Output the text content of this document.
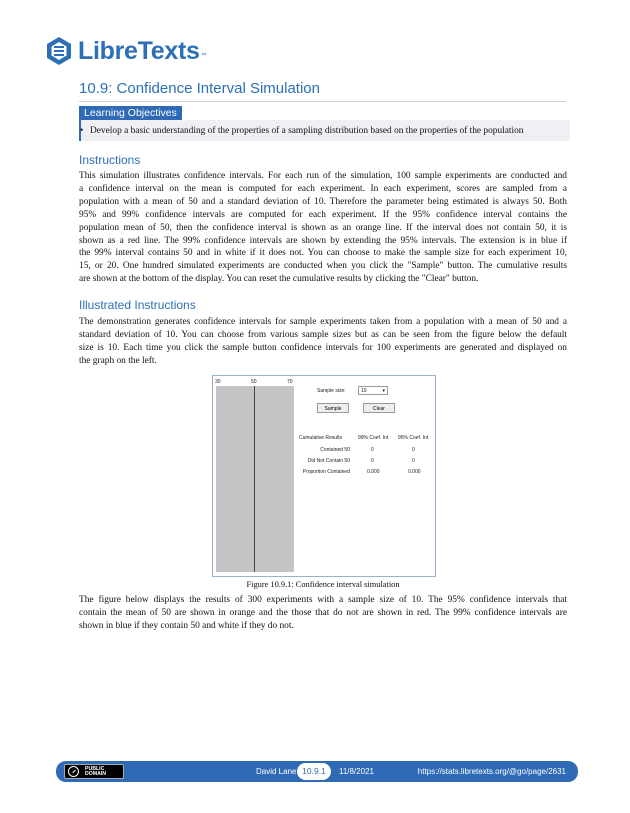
LibreTexts ™
10.9: Confidence Interval Simulation
Learning Objectives
• Develop a basic understanding of the properties of a sampling distribution based on the properties of the population
Instructions
This simulation illustrates confidence intervals. For each run of the simulation, 100 sample experiments are conducted and
a confidence interval on the mean is computed for each experiment. In each experiment, scores are sampled from a
population with a mean of 50 and a standard deviation of 10. Therefore the parameter being estimated is always 50. Both
95% and 99% confidence intervals are computed for each experiment. If the 95% confidence interval contains the
population mean of 50, then the confidence interval is shown as an orange line. If the interval does not contain 50, it is
shown as a red line. The 99% confidence intervals are shown by extending the 95% intervals. The extension is in blue if
the 99% interval contains 50 and in white if it does not. You can choose to make the sample size for each experiment 10,
15, or 20. One hundred simulated experiments are conducted when you click the "Sample" button. The cumulative results
are shown at the bottom of the display. You can reset the cumulative results by clicking the "Clear" button.
Illustrated Instructions
The demonstration generates confidence intervals for sample experiments taken from a population with a mean of 50 and a
standard deviation of 10. You can choose from various sample sizes but as can be seen from the figure below the default
size is 10. Each time you click the sample button confidence intervals for 100 experiments are generated and displayed on
the graph on the left.
30	50	70
Sample size:	10 ▾
Sample	Clear
Cumulative Results	99% Coef. Int 95% Coef. Int
Contained 50	0	0
Did Not Contain 50	0	0
Proportion Contained	0.000	0.000
Figure 10.9.1: Confidence interval simulation
The figure below displays the results of 300 experiments with a sample size of 10. The 95% confidence intervals that
contain the mean of 50 are shown in orange and the those that do not are shown in red. The 99% confidence intervals are
shown in blue if they contain 50 and white if they do not.
PUBLIC
DOMAIN	David Lane 10.9.1	11/8/2021	https://stats.libretexts.org/@go/page/2631
